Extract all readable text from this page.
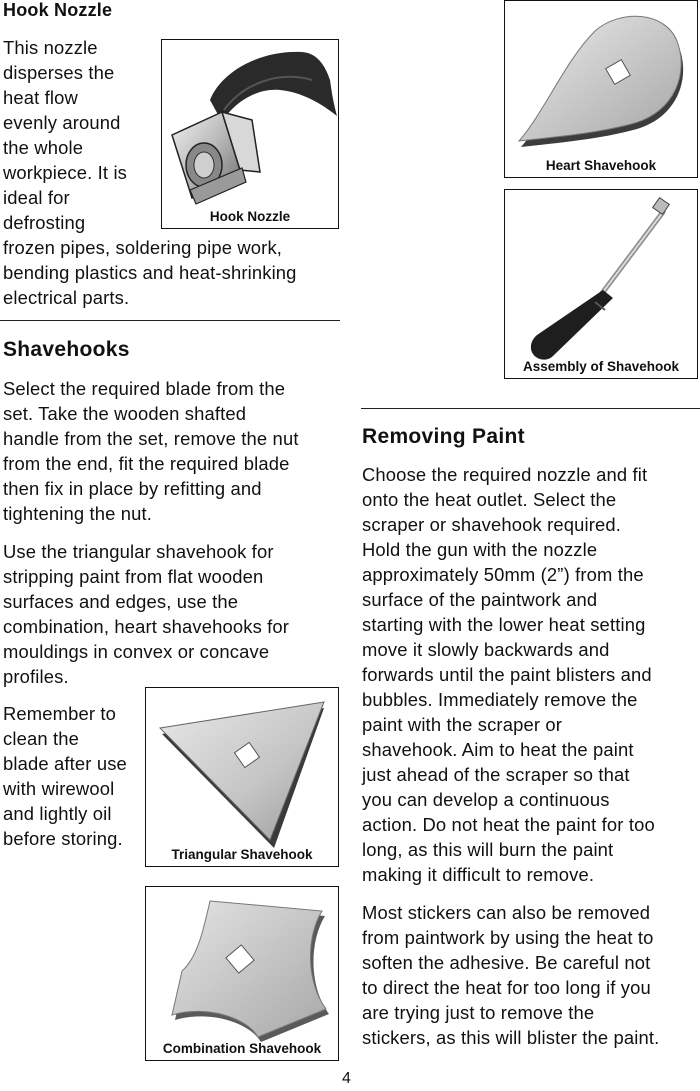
Hook Nozzle

This nozzle

disperses the

heat flow

evenly around

the whole

workpiece. It is

ideal for

defrosting

frozen pipes, soldering pipe work,

bending plastics and heat-shrinking

electrical parts.

Hook Nozzle
Shavehooks

Select the required blade from the

set. Take the wooden shafted

handle from the set, remove the nut

from the end, fit the required blade

then fix in place by refitting and

tightening the nut.

Use the triangular shavehook for

stripping paint from flat wooden

surfaces and edges, use the

combination, heart shavehooks for

mouldings in convex or concave

profiles.

Remember to

clean the

blade after use

with wirewool

and lightly oil

before storing.

Triangular Shavehook
Combination Shavehook
Heart Shavehook
Assembly of Shavehook
Removing Paint

Choose the required nozzle and fit

onto the heat outlet. Select the

scraper or shavehook required.

Hold the gun with the nozzle

approximately 50mm (2”) from the

surface of the paintwork and

starting with the lower heat setting

move it slowly backwards and

forwards until the paint blisters and

bubbles. Immediately remove the

paint with the scraper or

shavehook. Aim to heat the paint

just ahead of the scraper so that

you can develop a continuous

action. Do not heat the paint for too

long, as this will burn the paint

making it difficult to remove.

Most stickers can also be removed

from paintwork by using the heat to

soften the adhesive. Be careful not

to direct the heat for too long if you

are trying just to remove the

stickers, as this will blister the paint.

4
